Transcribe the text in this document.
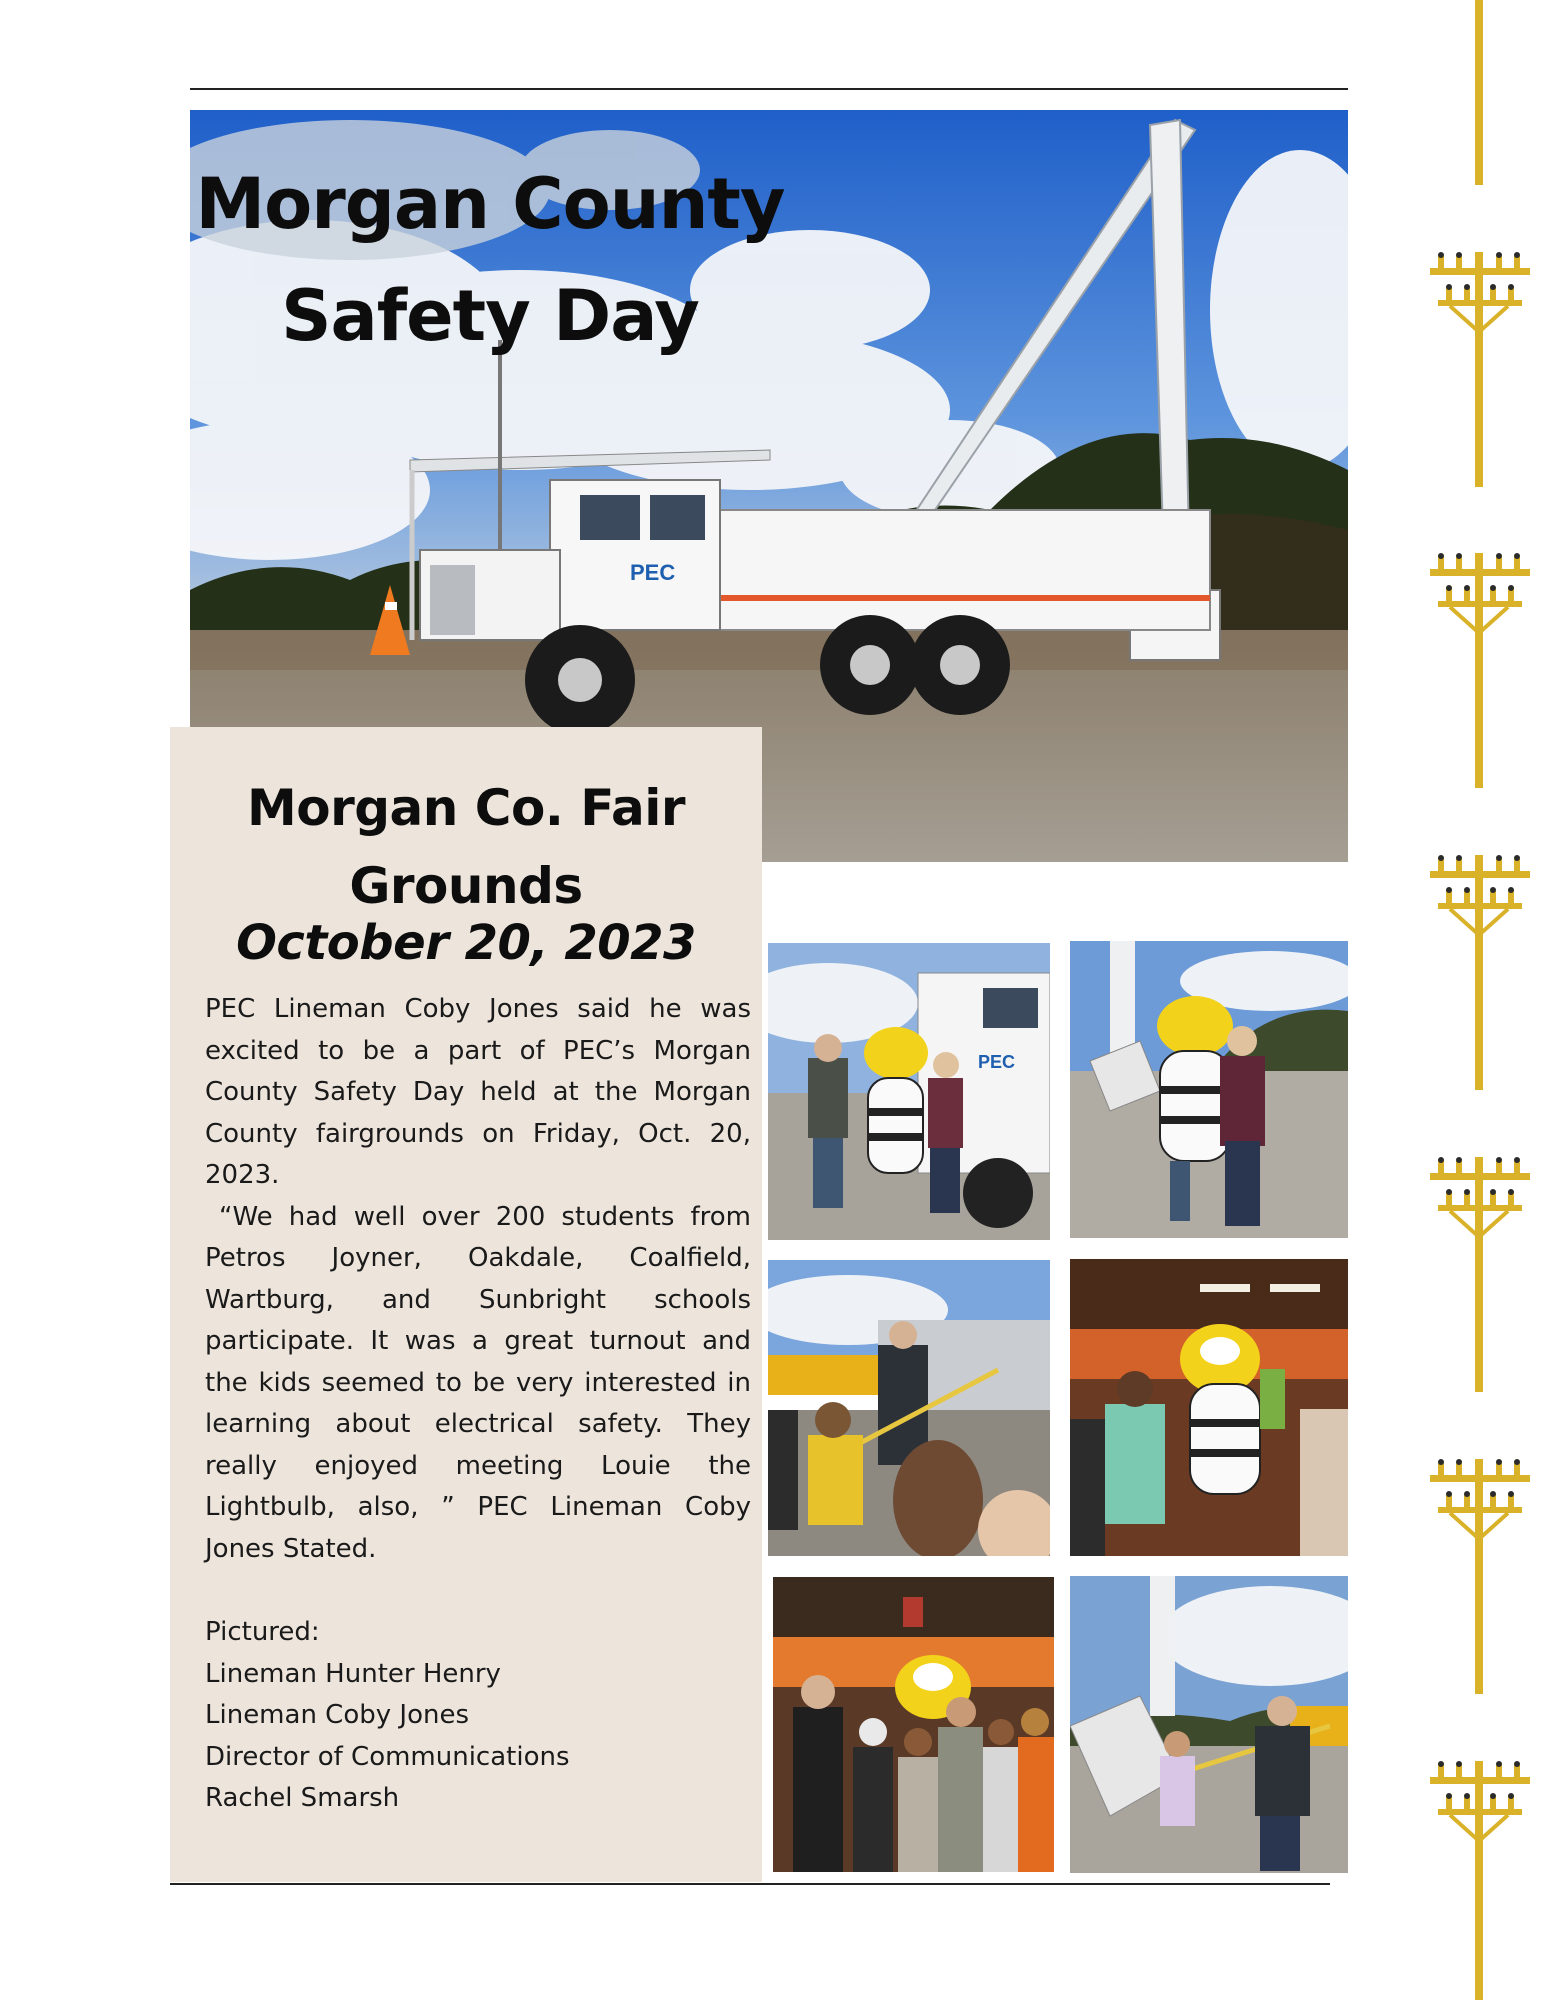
PEC
Morgan County
Safety Day
Morgan Co. Fair
Grounds
October 20, 2023

PEC Lineman Coby Jones said he was excited to be a part of PEC’s Morgan County Safety Day held at the Morgan County fairgrounds on Friday, Oct. 20, 2023.

“We had well over 200 students from Petros Joyner, Oakdale, Coalfield, Wartburg, and Sunbright schools participate. It was a great turnout and the kids seemed to be very interested in learning about electrical safety. They really enjoyed meeting Louie the Lightbulb, also, ” PEC Lineman Coby Jones Stated.

Pictured:
Lineman Hunter Henry
Lineman Coby Jones
Director of Communications
Rachel Smarsh
PEC
